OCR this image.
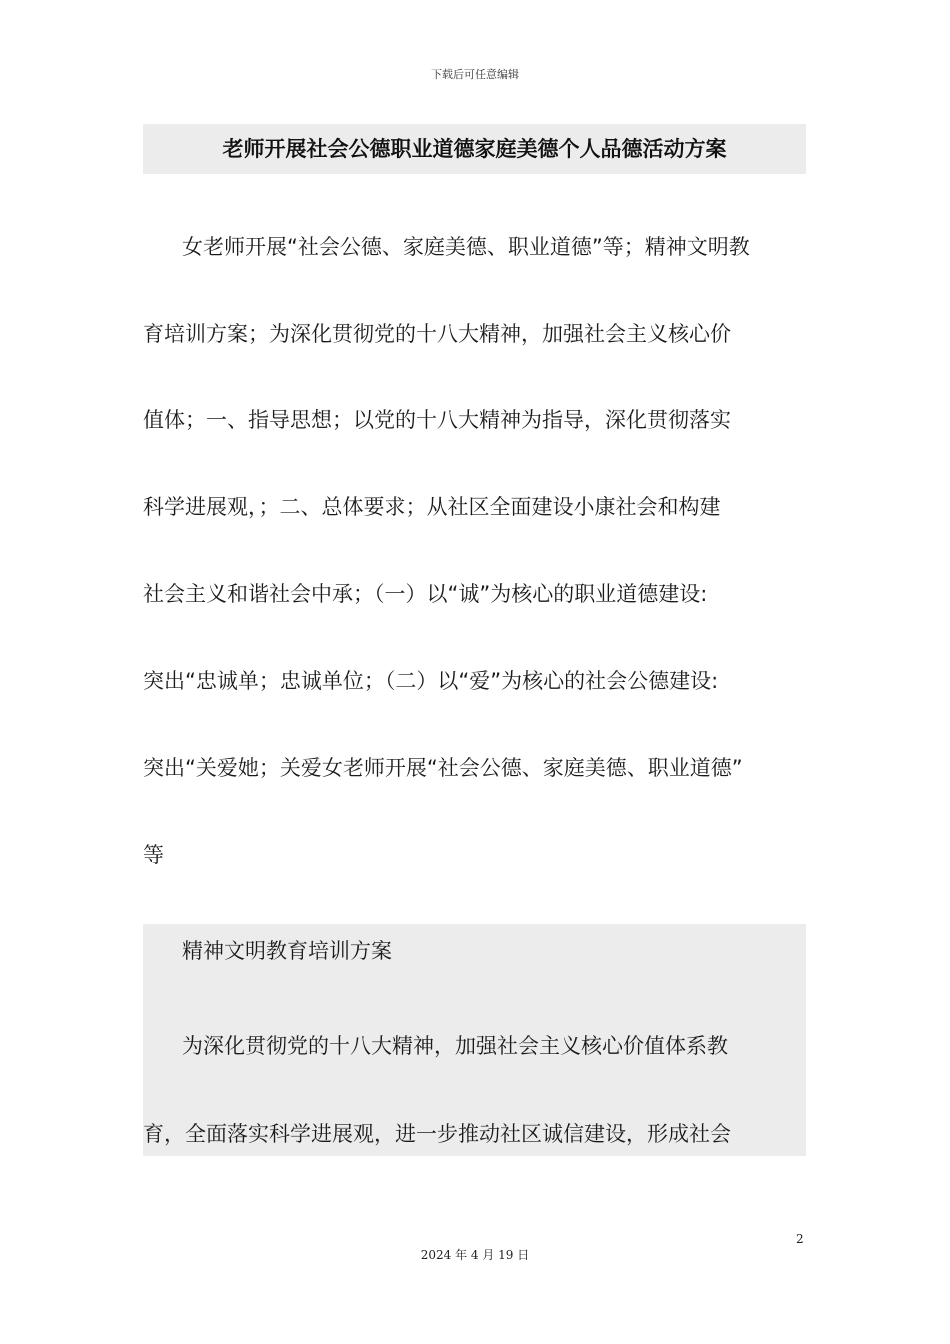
下载后可任意编辑
老师开展社会公德职业道德家庭美德个人品德活动方案
女老师开展“社会公德、家庭美德、职业道德”等；精神文明教
育培训方案；为深化贯彻党的十八大精神，加强社会主义核心价
值体；一、指导思想；以党的十八大精神为指导，深化贯彻落实
科学进展观，；二、总体要求；从社区全面建设小康社会和构建
社会主义和谐社会中承；（一）以“诚”为核心的职业道德建设:
突出“忠诚单；忠诚单位；（二）以“爱”为核心的社会公德建设:
突出“关爱她；关爱女老师开展“社会公德、家庭美德、职业道德”
等
精神文明教育培训方案
为深化贯彻党的十八大精神，加强社会主义核心价值体系教
育，全面落实科学进展观，进一步推动社区诚信建设，形成社会
2
2024 年 4 月 19 日
